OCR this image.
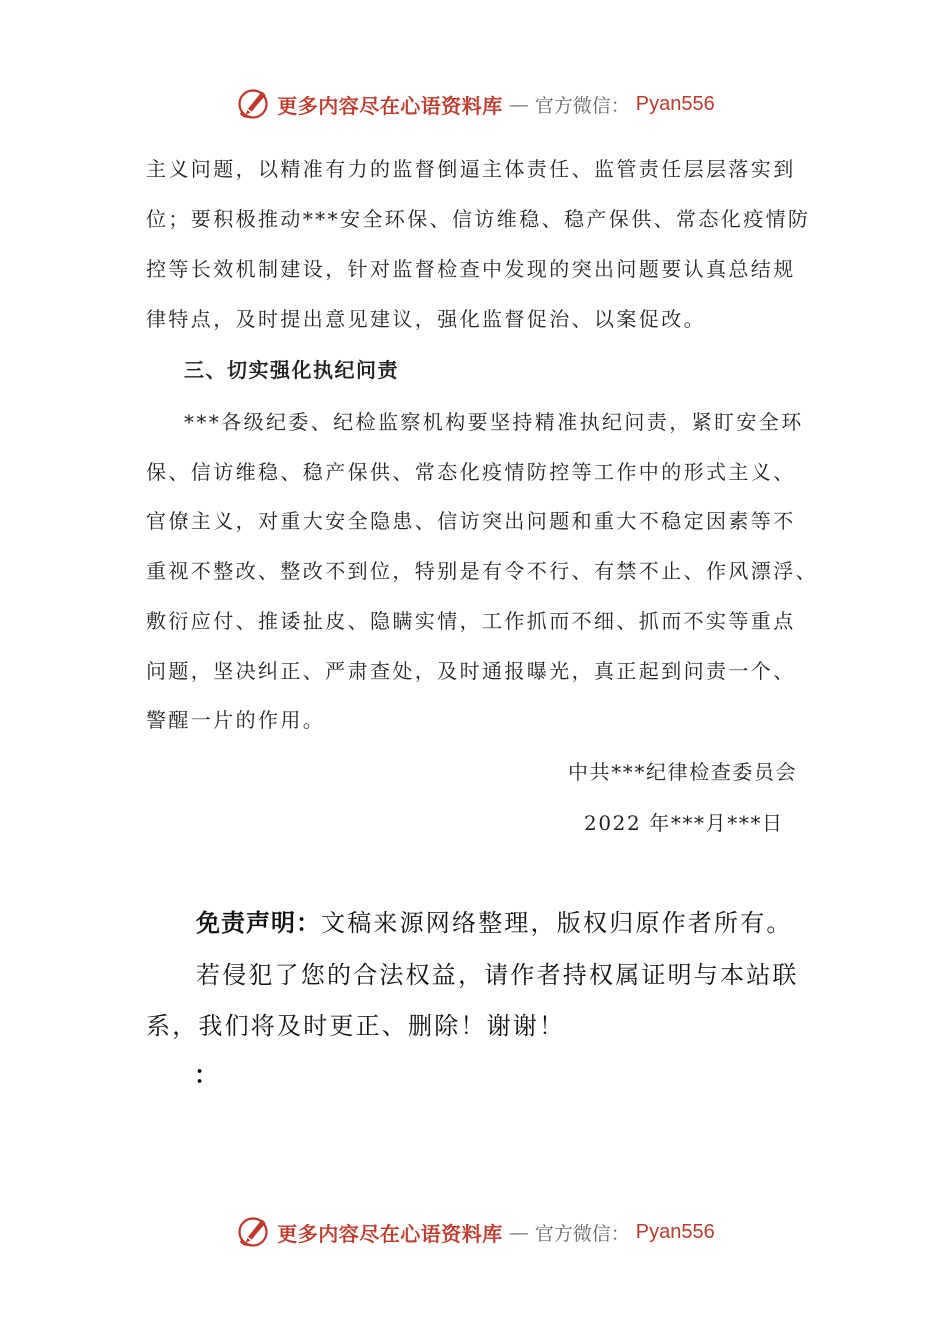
更多内容尽在心语资料库 — 官方微信： Pyan556
主义问题，以精准有力的监督倒逼主体责任、监管责任层层落实到
位；要积极推动***安全环保、信访维稳、稳产保供、常态化疫情防
控等长效机制建设，针对监督检查中发现的突出问题要认真总结规
律特点，及时提出意见建议，强化监督促治、以案促改。
三、切实强化执纪问责
***各级纪委、纪检监察机构要坚持精准执纪问责，紧盯安全环
保、信访维稳、稳产保供、常态化疫情防控等工作中的形式主义、
官僚主义，对重大安全隐患、信访突出问题和重大不稳定因素等不
重视不整改、整改不到位，特别是有令不行、有禁不止、作风漂浮、
敷衍应付、推诿扯皮、隐瞒实情，工作抓而不细、抓而不实等重点
问题，坚决纠正、严肃查处，及时通报曝光，真正起到问责一个、
警醒一片的作用。
中共***纪律检查委员会
2022 年***月***日
免责声明：文稿来源网络整理，版权归原作者所有。
若侵犯了您的合法权益，请作者持权属证明与本站联
系，我们将及时更正、删除！谢谢！
：
更多内容尽在心语资料库 — 官方微信： Pyan556
